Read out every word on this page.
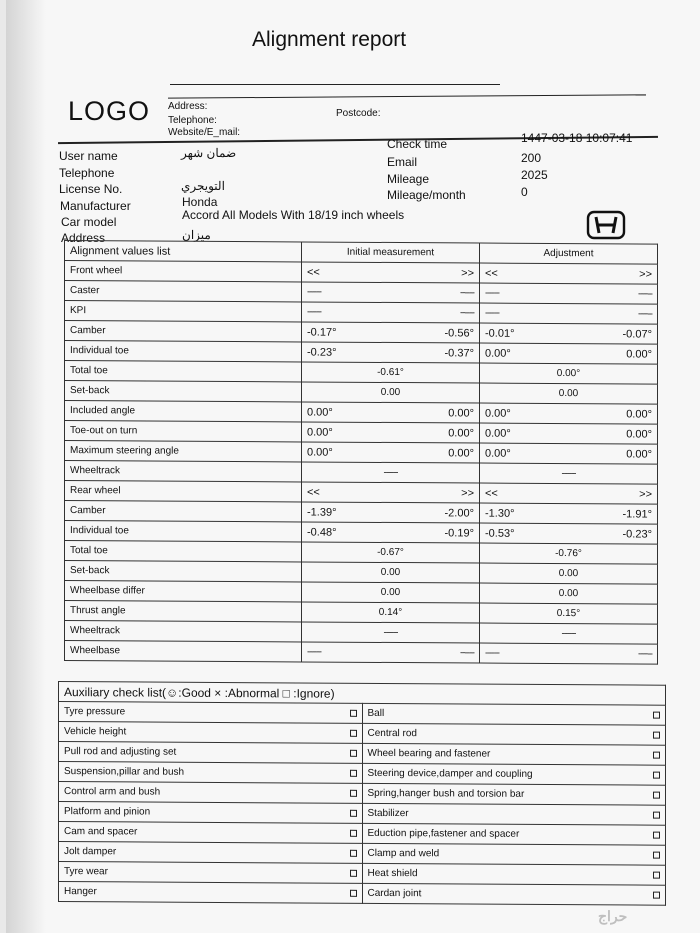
Alignment report
LOGO Address:
Telephone:
Website/E_mail:
Postcode:
User name	ضمان شهر
Telephone
License No.	التويجري
Manufacturer	Honda
Car model	Accord All Models With 18/19 inch wheels
Address	ميزان
Check time	1447-03-18 10:07:41
Email	200
Mileage	2025
Mileage/month	0
Alignment values list	Initial measurement	Adjustment
Front wheel	<< >>	<< >>

Caster	------ ------	------ ------

KPI	------ ------	------ ------

Camber	-0.17° -0.56°	-0.01° -0.07°

Individual toe	-0.23° -0.37°	0.00° 0.00°

Total toe	-0.61°	0.00°
Set-back	0.00	0.00
Included angle	0.00° 0.00°	0.00° 0.00°

Toe-out on turn	0.00° 0.00°	0.00° 0.00°

Maximum steering angle	0.00° 0.00°	0.00° 0.00°

Wheeltrack	------	------
Rear wheel	<< >>	<< >>

Camber	-1.39° -2.00°	-1.30° -1.91°

Individual toe	-0.48° -0.19°	-0.53° -0.23°

Total toe	-0.67°	-0.76°
Set-back	0.00	0.00
Wheelbase differ	0.00	0.00
Thrust angle	0.14°	0.15°
Wheeltrack	------	------
Wheelbase	------ ------	------ ------
Auxiliary check list(☺:Good × :Abnormal □ :Ignore)	

Tyre pressure	Ball

Vehicle height	Central rod

Pull rod and adjusting set	Wheel bearing and fastener

Suspension,pillar and bush	Steering device,damper and coupling

Control arm and bush	Spring,hanger bush and torsion bar

Platform and pinion	Stabilizer

Cam and spacer	Eduction pipe,fastener and spacer

Jolt damper	Clamp and weld

Tyre wear	Heat shield

Hanger	Cardan joint
حراج
